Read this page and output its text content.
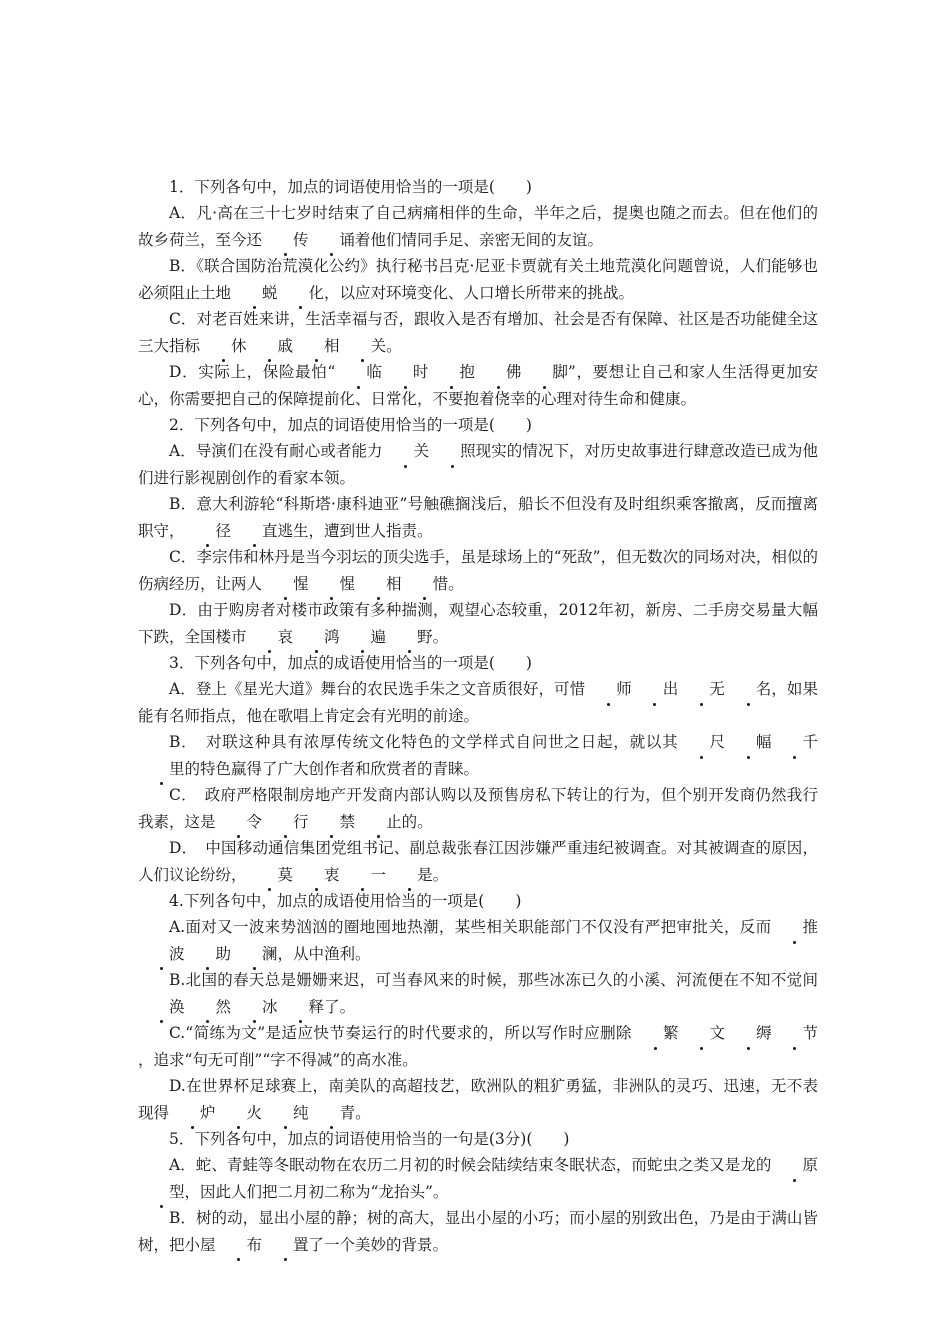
1．下列各句中，加点的词语使用恰当的一项是(　　)

A．凡·高在三十七岁时结束了自己病痛相伴的生命，半年之后，提奥也随之而去。但在他们的故乡荷兰，至今还 传 诵着他们情同手足、亲密无间的友谊。

B．《联合国防治荒漠化公约》执行秘书吕克·尼亚卡贾就有关土地荒漠化问题曾说，人们能够也必须阻止土地 蜕 化，以应对环境变化、人口增长所带来的挑战。

C．对老百姓来讲，生活幸福与否，跟收入是否有增加、社会是否有保障、社区是否功能健全这三大指标 休 戚 相 关。

D．实际上，保险最怕“ 临 时 抱 佛 脚”，要想让自己和家人生活得更加安心，你需要把自己的保障提前化、日常化，不要抱着侥幸的心理对待生命和健康。

2．下列各句中，加点的词语使用恰当的一项是(　　)

A．导演们在没有耐心或者能力 关 照现实的情况下，对历史故事进行肆意改造已成为他们进行影视剧创作的看家本领。

B．意大利游轮“科斯塔·康科迪亚”号触礁搁浅后，船长不但没有及时组织乘客撤离，反而擅离职守， 径 直逃生，遭到世人指责。

C．李宗伟和林丹是当今羽坛的顶尖选手，虽是球场上的“死敌”，但无数次的同场对决，相似的伤病经历，让两人 惺 惺 相 惜。

D．由于购房者对楼市政策有多种揣测，观望心态较重，2012年初，新房、二手房交易量大幅下跌，全国楼市 哀 鸿 遍 野。

3．下列各句中，加点的成语使用恰当的一项是(　　)

A．登上《星光大道》舞台的农民选手朱之文音质很好，可惜 师 出 无 名，如果能有名师指点，他在歌唱上肯定会有光明的前途。

B．　对联这种具有浓厚传统文化特色的文学样式自问世之日起，就以其 尺 幅 千里的特色赢得了广大创作者和欣赏者的青睐。

C．　政府严格限制房地产开发商内部认购以及预售房私下转让的行为，但个别开发商仍然我行我素，这是 令 行 禁 止的。

D．　中国移动通信集团党组书记、副总裁张春江因涉嫌严重违纪被调查。对其被调查的原因，人们议论纷纷， 莫 衷 一 是。

4.下列各句中，加点的成语使用恰当的一项是(　　)

A.面对又一波来势汹汹的圈地囤地热潮，某些相关职能部门不仅没有严把审批关，反而 推波 助 澜，从中渔利。

B.北国的春天总是姗姗来迟，可当春风来的时候，那些冰冻已久的小溪、河流便在不知不觉间涣 然 冰 释了。

C.“简练为文”是适应快节奏运行的时代要求的，所以写作时应删除 繁 文 缛 节，追求“句无可削”“字不得减”的高水准。

D.在世界杯足球赛上，南美队的高超技艺，欧洲队的粗犷勇猛，非洲队的灵巧、迅速，无不表现得 炉 火 纯 青。

5．下列各句中，加点的词语使用恰当的一句是(3分)(　　)

A．蛇、青蛙等冬眠动物在农历二月初的时候会陆续结束冬眠状态，而蛇虫之类又是龙的 原型，因此人们把二月初二称为“龙抬头”。

B．树的动，显出小屋的静；树的高大，显出小屋的小巧；而小屋的别致出色，乃是由于满山皆树，把小屋 布 置了一个美妙的背景。
